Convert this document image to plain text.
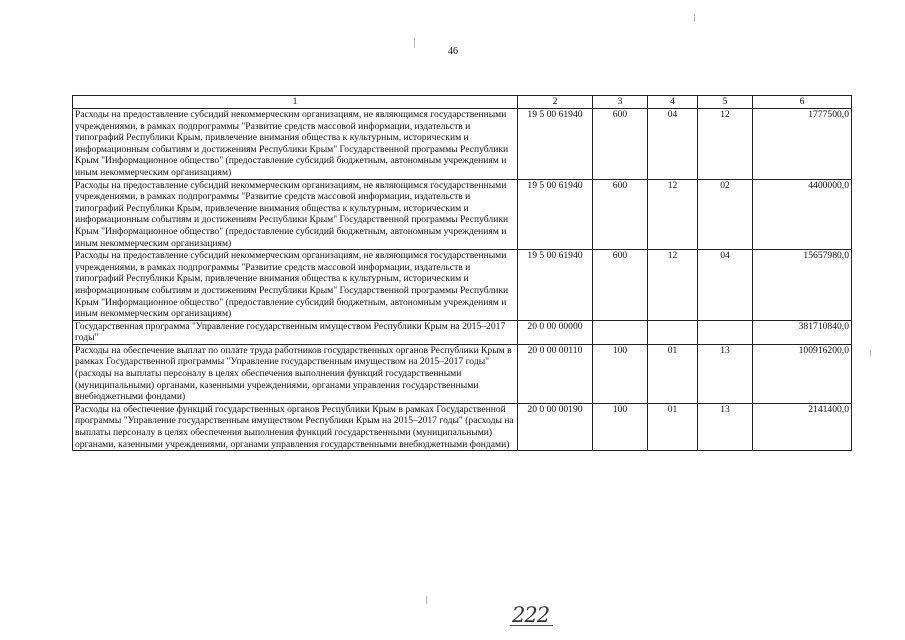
46
1	2	3	4	5	6
Расходы на предоставление субсидий некоммерческим организациям, не являющимся государственными учреждениями, в рамках подпрограммы "Развитие средств массовой информации, издательств и типографий Республики Крым, привлечение внимания общества к культурным, историческим и информационным событиям и достижениям Республики Крым" Государственной программы Республики Крым "Информационное общество" (предоставление субсидий бюджетным, автономным учреждениям и иным некоммерческим организациям)	19 5 00 61940	600	04	12	1777500,0
Расходы на предоставление субсидий некоммерческим организациям, не являющимся государственными учреждениями, в рамках подпрограммы "Развитие средств массовой информации, издательств и типографий Республики Крым, привлечение внимания общества к культурным, историческим и информационным событиям и достижениям Республики Крым" Государственной программы Республики Крым "Информационное общество" (предоставление субсидий бюджетным, автономным учреждениям и иным некоммерческим организациям)	19 5 00 61940	600	12	02	4400000,0
Расходы на предоставление субсидий некоммерческим организациям, не являющимся государственными учреждениями, в рамках подпрограммы "Развитие средств массовой информации, издательств и типографий Республики Крым, привлечение внимания общества к культурным, историческим и информационным событиям и достижениям Республики Крым" Государственной программы Республики Крым "Информационное общество" (предоставление субсидий бюджетным, автономным учреждениям и иным некоммерческим организациям)	19 5 00 61940	600	12	04	15657980,0
Государственная программа "Управление государственным имуществом Республики Крым на 2015–2017 годы"	20 0 00 00000				381710840,0
Расходы на обеспечение выплат по оплате труда работников государственных органов Республики Крым в рамках Государственной программы "Управление государственным имуществом на 2015–2017 годы" (расходы на выплаты персоналу в целях обеспечения выполнения функций государственными (муниципальными) органами, казенными учреждениями, органами управления государственными внебюджетными фондами)	20 0 00 00110	100	01	13	100916200,0
Расходы на обеспечение функций государственных органов Республики Крым в рамках Государственной программы "Управление государственным имуществом Республики Крым на 2015–2017 годы" (расходы на выплаты персоналу в целях обеспечения выполнения функций государственными (муниципальными) органами, казенными учреждениями, органами управления государственными внебюджетными фондами)	20 0 00 00190	100	01	13	2141400,0
222
